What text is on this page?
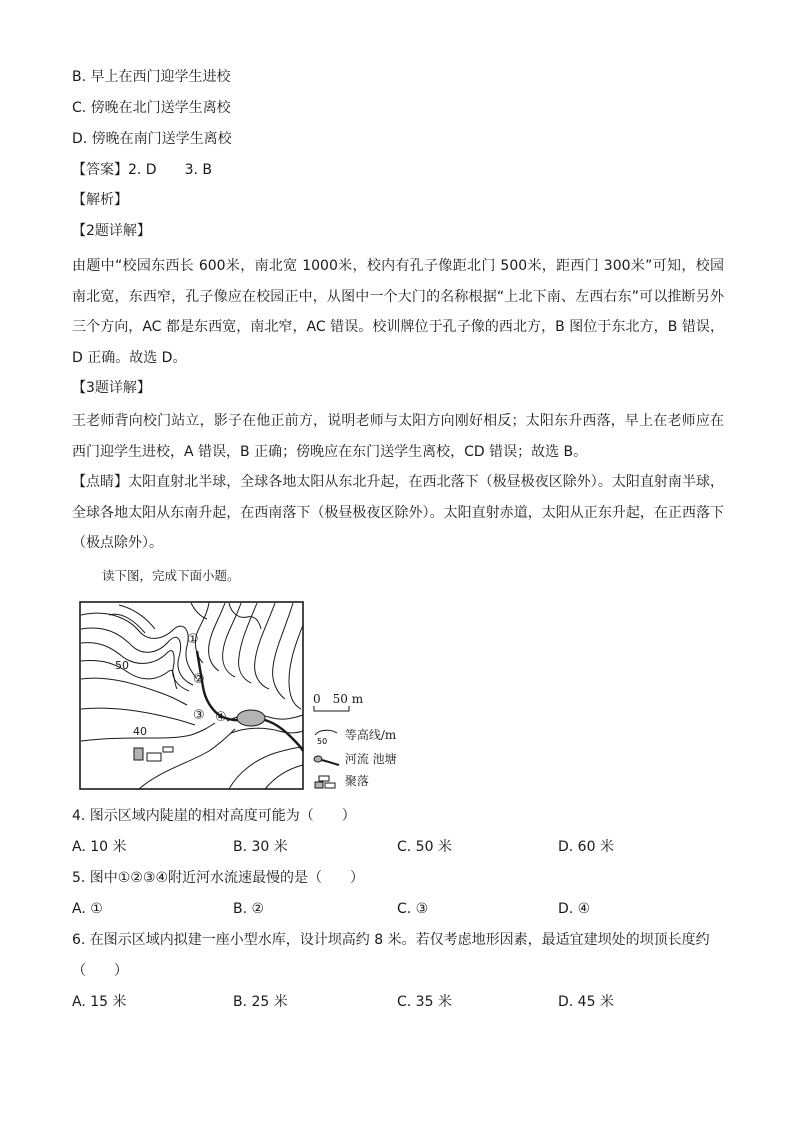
B. 早上在西门迎学生进校
C. 傍晚在北门送学生离校
D. 傍晚在南门送学生离校
【答案】2. D　　3. B
【解析】
【2题详解】
由题中“校园东西长 600米，南北宽 1000米，校内有孔子像距北门 500米，距西门 300米”可知，校园南北宽，东西窄，孔子像应在校园正中，从图中一个大门的名称根据“上北下南、左西右东”可以推断另外三个方向，AC 都是东西宽，南北窄，AC 错误。校训牌位于孔子像的西北方，B 图位于东北方，B 错误，D 正确。故选 D。
【3题详解】
王老师背向校门站立，影子在他正前方，说明老师与太阳方向刚好相反；太阳东升西落，早上在老师应在西门迎学生进校，A 错误，B 正确；傍晚应在东门送学生离校，CD 错误；故选 B。
【点睛】太阳直射北半球，全球各地太阳从东北升起，在西北落下（极昼极夜区除外）。太阳直射南半球，全球各地太阳从东南升起，在西南落下（极昼极夜区除外）。太阳直射赤道，太阳从正东升起，在正西落下（极点除外）。
读下图，完成下面小题。
50
40
①
②
③ ④
0　50 m
50 等高线/m
河流 池塘
聚落
4. 图示区域内陡崖的相对高度可能为（　　）
A. 10 米	B. 30 米	C. 50 米	D. 60 米
5. 图中①②③④附近河水流速最慢的是（　　）
A. ①	B. ②	C. ③	D. ④
6. 在图示区域内拟建一座小型水库，设计坝高约 8 米。若仅考虑地形因素，最适宜建坝处的坝顶长度约
（　　）
A. 15 米	B. 25 米	C. 35 米	D. 45 米
